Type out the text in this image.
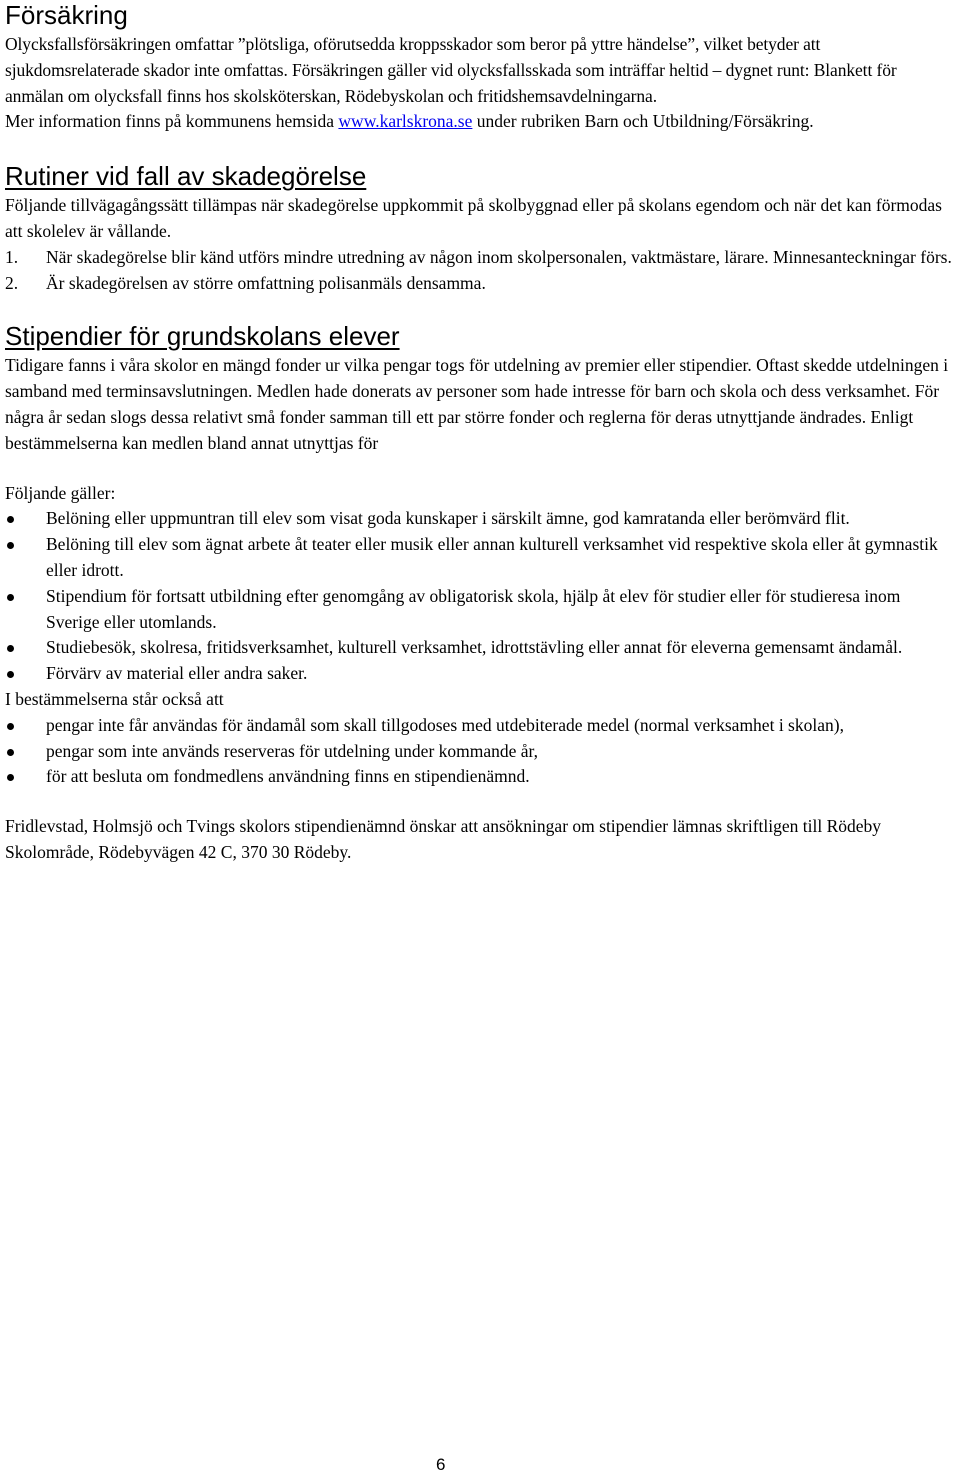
Försäkring

Olycksfallsförsäkringen omfattar ”plötsliga, oförutsedda kroppsskador som beror på yttre händelse”, vilket betyder att sjukdomsrelaterade skador inte omfattas. Försäkringen gäller vid olycksfallsskada som inträffar heltid – dygnet runt: Blankett för anmälan om olycksfall finns hos skolsköterskan, Rödebyskolan och fritidshemsavdelningarna.

Mer information finns på kommunens hemsida www.karlskrona.se under rubriken Barn och Utbildning/Försäkring.

Rutiner vid fall av skadegörelse

Följande tillvägagångssätt tillämpas när skadegörelse uppkommit på skolbyggnad eller på skolans egendom och när det kan förmodas att skolelev är vållande.

1. När skadegörelse blir känd utförs mindre utredning av någon inom skolpersonalen, vaktmästare, lärare. Minnesanteckningar förs.
2. Är skadegörelsen av större omfattning polisanmäls densamma.
Stipendier för grundskolans elever

Tidigare fanns i våra skolor en mängd fonder ur vilka pengar togs för utdelning av premier eller stipendier. Oftast skedde utdelningen i samband med terminsavslutningen. Medlen hade donerats av personer som hade intresse för barn och skola och dess verksamhet. För några år sedan slogs dessa relativt små fonder samman till ett par större fonder och reglerna för deras utnyttjande ändrades. Enligt bestämmelserna kan medlen bland annat utnyttjas för

Följande gäller:

Belöning eller uppmuntran till elev som visat goda kunskaper i särskilt ämne, god kamratanda eller berömvärd flit.
Belöning till elev som ägnat arbete åt teater eller musik eller annan kulturell verksamhet vid respektive skola eller åt gymnastik eller idrott.
Stipendium för fortsatt utbildning efter genomgång av obligatorisk skola, hjälp åt elev för studier eller för studieresa inom Sverige eller utomlands.
Studiebesök, skolresa, fritidsverksamhet, kulturell verksamhet, idrottstävling eller annat för eleverna gemensamt ändamål.
Förvärv av material eller andra saker.

I bestämmelserna står också att

pengar inte får användas för ändamål som skall tillgodoses med utdebiterade medel (normal verksamhet i skolan),
pengar som inte används reserveras för utdelning under kommande år,
för att besluta om fondmedlens användning finns en stipendienämnd.

Fridlevstad, Holmsjö och Tvings skolors stipendienämnd önskar att ansökningar om stipendier lämnas skriftligen till Rödeby Skolområde, Rödebyvägen 42 C, 370 30 Rödeby.

6
